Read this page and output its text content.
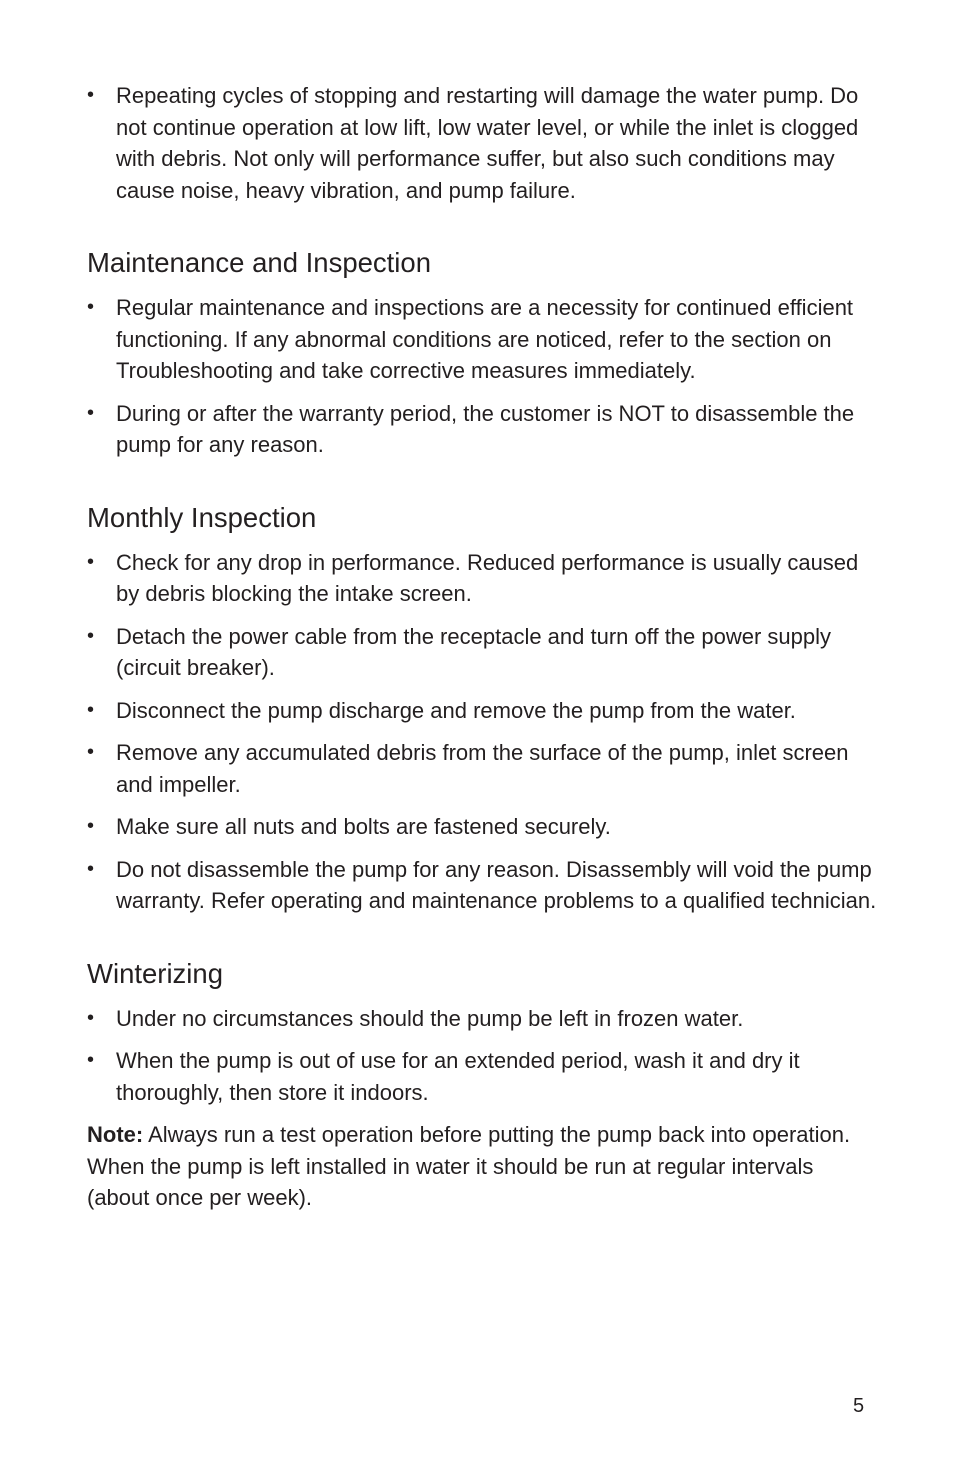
• Repeating cycles of stopping and restarting will damage the water pump. Do not continue operation at low lift, low water level, or while the inlet is clogged with debris. Not only will performance suffer, but also such conditions may cause noise, heavy vibration, and pump failure.
Maintenance and Inspection
• Regular maintenance and inspections are a necessity for continued efficient functioning. If any abnormal conditions are noticed, refer to the section on Troubleshooting and take corrective measures immediately.
• During or after the warranty period, the customer is NOT to disassemble the pump for any reason.
Monthly Inspection
• Check for any drop in performance. Reduced performance is usually caused by debris blocking the intake screen.
• Detach the power cable from the receptacle and turn off the power supply (circuit breaker).
• Disconnect the pump discharge and remove the pump from the water.
• Remove any accumulated debris from the surface of the pump, inlet screen and impeller.
• Make sure all nuts and bolts are fastened securely.
• Do not disassemble the pump for any reason. Disassembly will void the pump warranty. Refer operating and maintenance problems to a qualified technician.
Winterizing
• Under no circumstances should the pump be left in frozen water.
• When the pump is out of use for an extended period, wash it and dry it thoroughly, then store it indoors.

Note: Always run a test operation before putting the pump back into operation. When the pump is left installed in water it should be run at regular intervals (about once per week).

5
